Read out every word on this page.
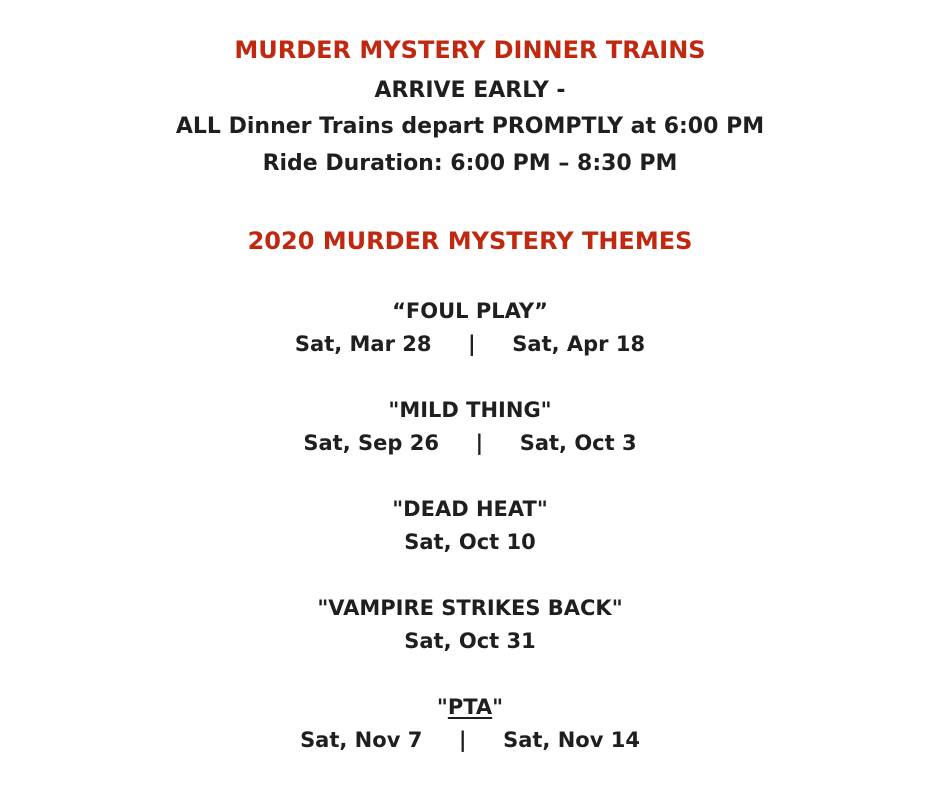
MURDER MYSTERY DINNER TRAINS
ARRIVE EARLY -
ALL Dinner Trains depart PROMPTLY at 6:00 PM
Ride Duration: 6:00 PM – 8:30 PM
2020 MURDER MYSTERY THEMES
“FOUL PLAY”
Sat, Mar 28     |     Sat, Apr 18
"MILD THING"
Sat, Sep 26     |     Sat, Oct 3
"DEAD HEAT"
Sat, Oct 10
"VAMPIRE STRIKES BACK"
Sat, Oct 31
"PTA"
Sat, Nov 7     |     Sat, Nov 14
